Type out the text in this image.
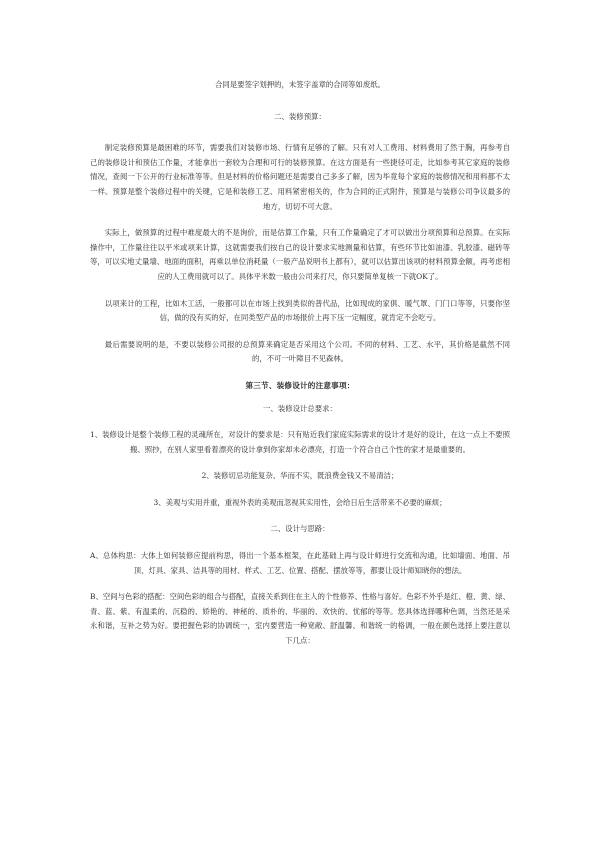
合同是要签字划押的，未签字盖章的合同等如废纸。

二、装修预算：

制定装修预算是最困难的环节，需要我们对装修市场、行情有足够的了解。只有对人工费用、材料费用了然于胸，再参考自己的装修设计和预估工作量，才能拿出一套较为合理和可行的装修预算。在这方面是有一些捷径可走，比如参考其它家庭的装修情况，查阅一下公开的行业标准等等。但是材料的价格问题还是需要自己多多了解，因为毕竟每个家庭的装修情况和用料都不太一样。预算是整个装修过程中的关键，它是和装修工艺、用料紧密相关的，作为合同的正式附件，预算是与装修公司争议最多的地方，切切不可大意。

实际上，做预算的过程中难度最大的不是询价，而是估算工作量，只有工作量确定了才可以做出分项预算和总预算。在实际操作中，工作量往往以平米或项来计算，这就需要我们按自己的设计要求实地测量和估算，有些环节比如油漆、乳胶漆、磁砖等等，可以实地丈量墙、地面的面积，再乘以单位消耗量（一般产品说明书上都有），就可以估算出该项的材料预算金额，再考虑相应的人工费用就可以了。具体平米数一般由公司来打尺，你只要简单复核一下就OK了。

以项来计的工程，比如木工活，一般都可以在市场上找到类似的普代品，比如现成的家俱、暖气罩、门门口等等，只要你坚信，做的没有买的好，在同类型产品的市场报价上再下压一定幅度，就肯定不会吃亏。

最后需要说明的是，不要以装修公司报的总预算来确定是否采用这个公司。不同的材料、工艺、水平，其价格是截然不同的，不可一叶障目不见森林。

第三节、装修设计的注意事项：

一、装修设计总要求：

1、装修设计是整个装修工程的灵魂所在，对设计的要求是：只有贴近我们家庭实际需求的设计才是好的设计，在这一点上不要照搬、照抄，在别人家里看着漂亮的设计拿到你家却未必漂亮，打造一个符合自己个性的家才是最重要的。

2、装修切忌功能复杂、华而不实，既浪费金钱又不易清洁；

3、美观与实用并重，重视外表的美观而忽视其实用性，会给日后生活带来不必要的麻烦；

二、设计与思路：

A、总体构思：大体上如何装修应提前构思，得出一个基本框架，在此基础上再与设计师进行交流和沟通，比如墙面、地面、吊顶、灯具、家具、洁具等的用材、样式、工艺、位置、搭配、摆放等等，都要让设计师知晓你的想法。

B、空间与色彩的搭配：空间色彩的组合与搭配，直接关系到住在主人的个性修养、性格与喜好。色彩不外乎是红、橙、黄、绿、青、蓝、紫、有温柔的、沉稳的、娇艳的、神秘的、质朴的、华丽的、欢快的、忧郁的等等。您具体选择哪种色调，当然还是采永和谐，互补之势为好。要把握色彩的协调统一，室内要营造一种宽敞、舒温馨、和谐统一的格调，一般在颜色选择上要注意以下几点：
